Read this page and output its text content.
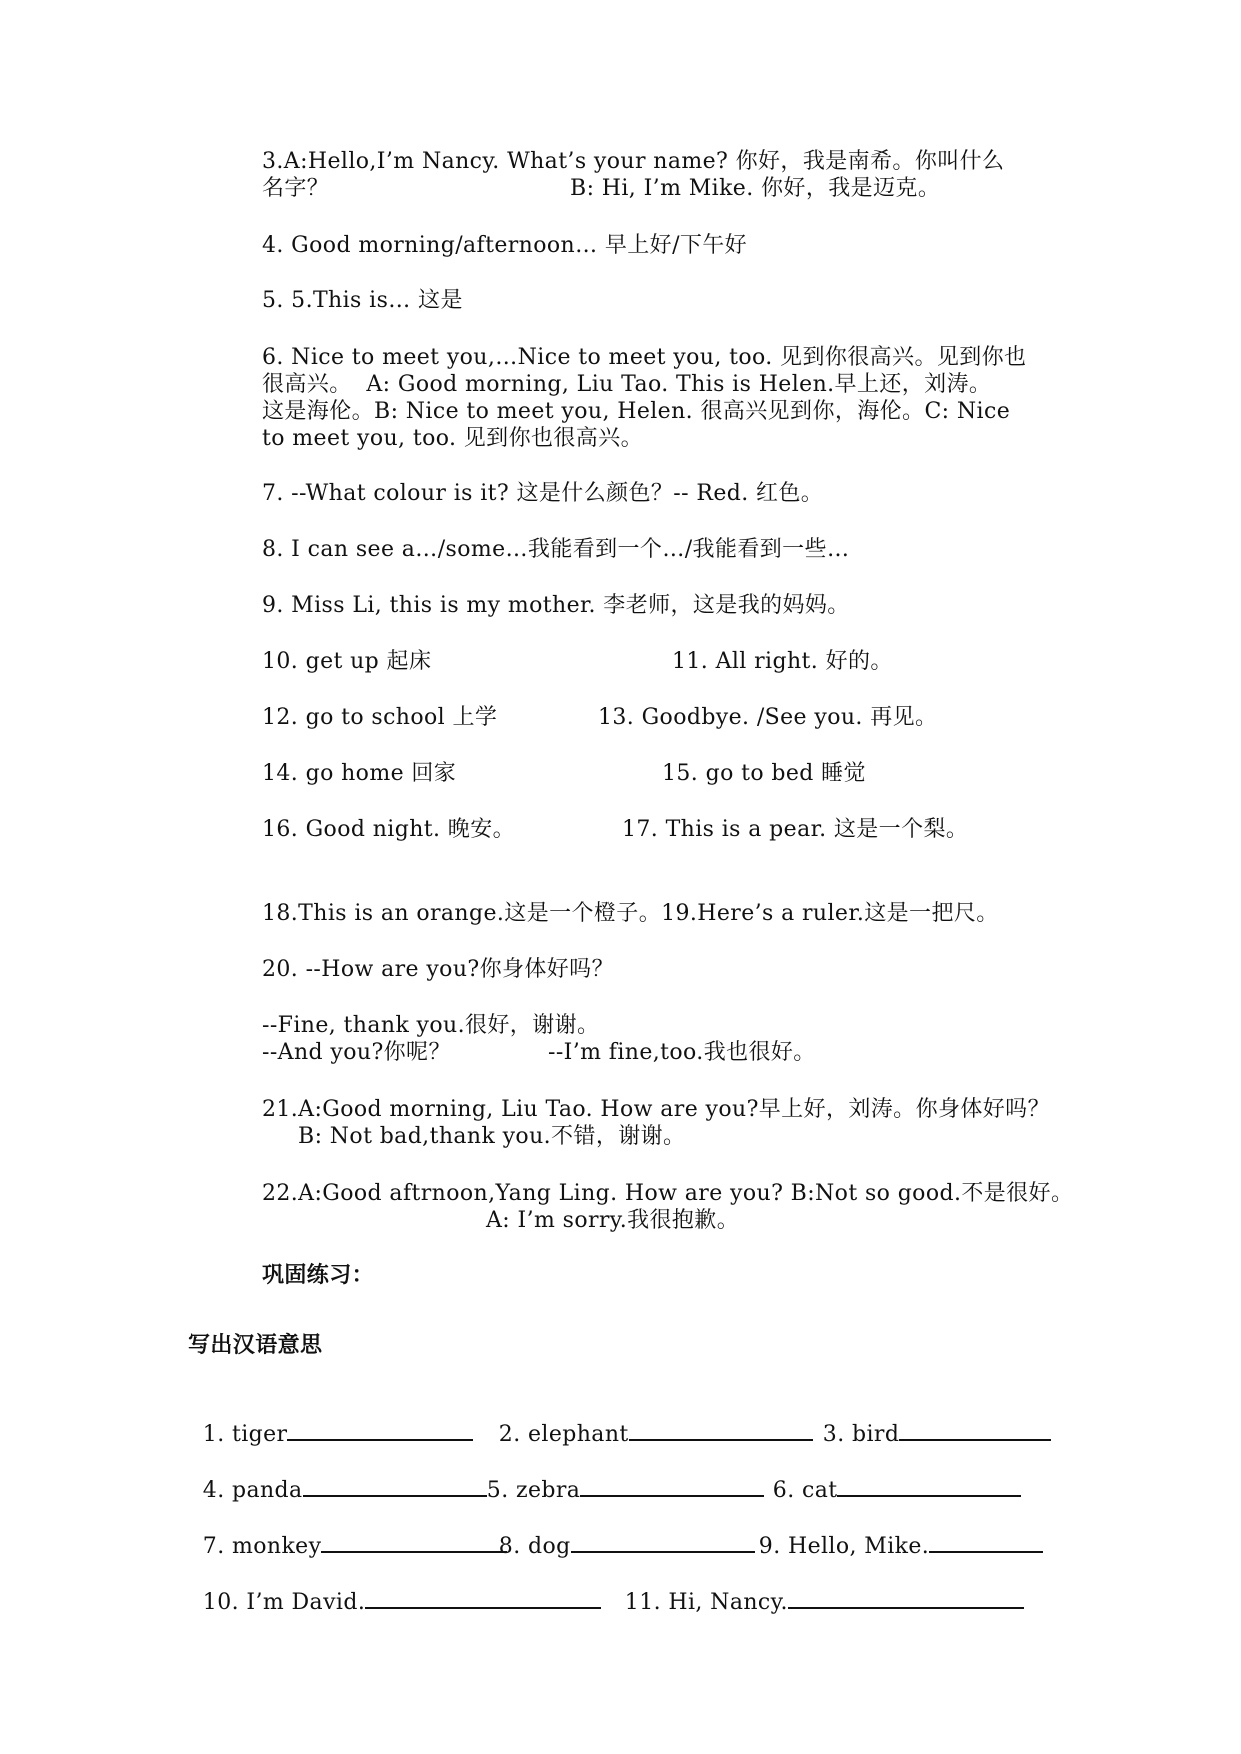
3.A:Hello,I’m Nancy. What’s your name? 你好，我是南希。你叫什么
名字？	B: Hi, I’m Mike. 你好，我是迈克。
4. Good morning/afternoon… 早上好/下午好
5. 5.This is… 这是
6. Nice to meet you,…Nice to meet you, too. 见到你很高兴。见到你也
很高兴。  A: Good morning, Liu Tao. This is Helen.早上还，刘涛。
这是海伦。B: Nice to meet you, Helen. 很高兴见到你，海伦。C: Nice
to meet you, too. 见到你也很高兴。
7. --What colour is it? 这是什么颜色？-- Red. 红色。
8. I can see a…/some…我能看到一个…/我能看到一些…
9. Miss Li, this is my mother. 李老师，这是我的妈妈。
10. get up 起床	11. All right. 好的。
12. go to school 上学	13. Goodbye. /See you. 再见。
14. go home 回家	15. go to bed 睡觉
16. Good night. 晚安。	17. This is a pear. 这是一个梨。
18.This is an orange.这是一个橙子。19.Here’s a ruler.这是一把尺。
20. --How are you?你身体好吗？
--Fine, thank you.很好，谢谢。
--And you?你呢？	--I’m fine,too.我也很好。
21.A:Good morning, Liu Tao. How are you?早上好，刘涛。你身体好吗？
B: Not bad,thank you.不错，谢谢。
22.A:Good aftrnoon,Yang Ling. How are you? B:Not so good.不是很好。
A: I’m sorry.我很抱歉。
巩固练习：
写出汉语意思

1. tiger	2. elephant	3. bird

4. panda	5. zebra	6. cat

7. monkey	8. dog	9. Hello, Mike.

10. I’m David.	11. Hi, Nancy.
